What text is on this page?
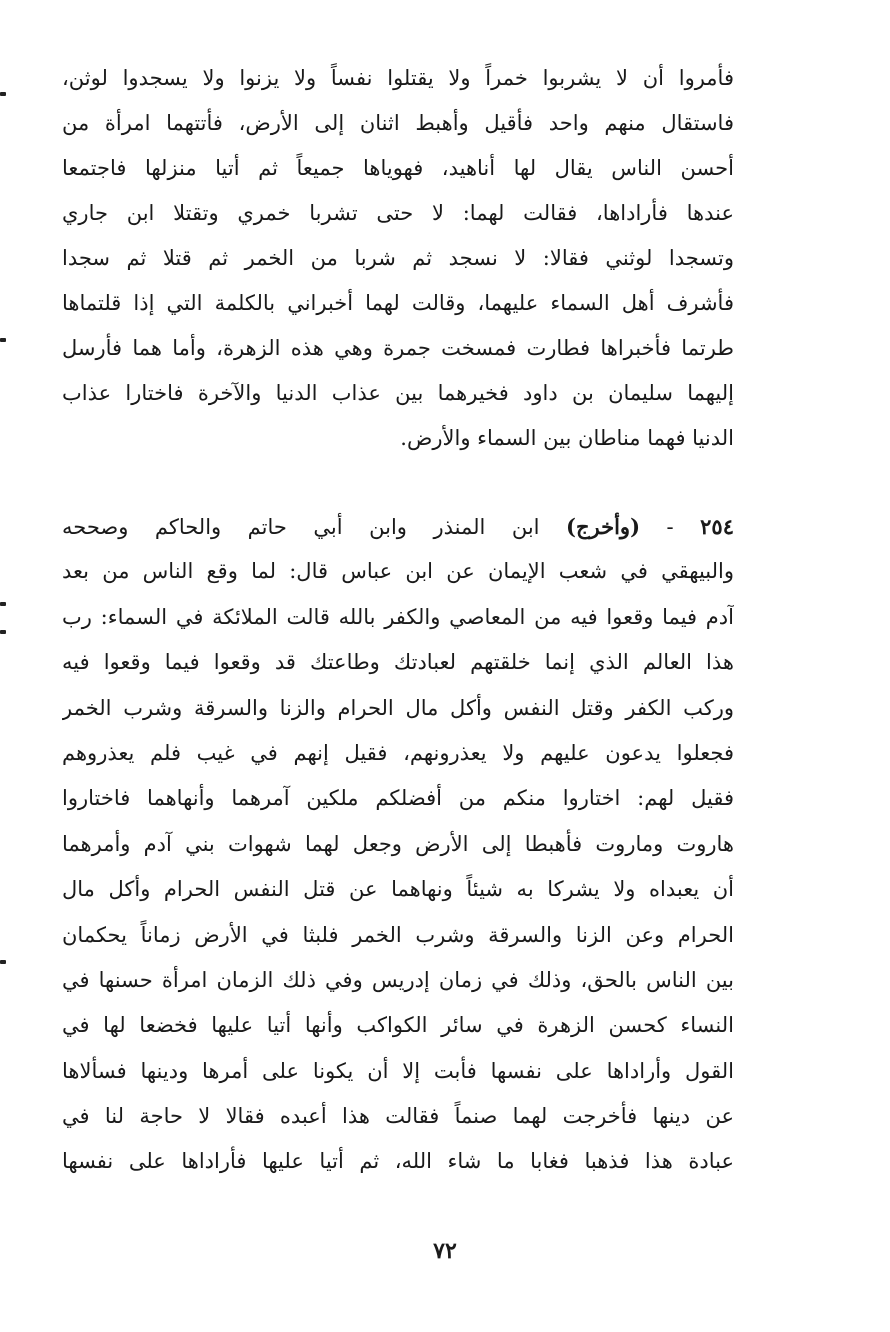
فأمروا أن لا يشربوا خمراً ولا يقتلوا نفساً ولا يزنوا ولا يسجدوا لوثن،
فاستقال منهم واحد فأقيل وأهبط اثنان إلى الأرض، فأتتهما امرأة من
أحسن الناس يقال لها أناهيد، فهوياها جميعاً ثم أتيا منزلها فاجتمعا
عندها فأراداها، فقالت لهما: لا حتى تشربا خمري وتقتلا ابن جاري
وتسجدا لوثني فقالا: لا نسجد ثم شربا من الخمر ثم قتلا ثم سجدا
فأشرف أهل السماء عليهما، وقالت لهما أخبراني بالكلمة التي إذا قلتماها
طرتما فأخبراها فطارت فمسخت جمرة وهي هذه الزهرة، وأما هما فأرسل
إليهما سليمان بن داود فخيرهما بين عذاب الدنيا والآخرة فاختارا عذاب
الدنيا فهما مناطان بين السماء والأرض.
٢٥٤ - (وأخرج) ابن المنذر وابن أبي حاتم والحاكم وصححه
والبيهقي في شعب الإيمان عن ابن عباس قال: لما وقع الناس من بعد
آدم فيما وقعوا فيه من المعاصي والكفر بالله قالت الملائكة في السماء: رب
هذا العالم الذي إنما خلقتهم لعبادتك وطاعتك قد وقعوا فيما وقعوا فيه
وركب الكفر وقتل النفس وأكل مال الحرام والزنا والسرقة وشرب الخمر
فجعلوا يدعون عليهم ولا يعذرونهم، فقيل إنهم في غيب فلم يعذروهم
فقيل لهم: اختاروا منكم من أفضلكم ملكين آمرهما وأنهاهما فاختاروا
هاروت وماروت فأهبطا إلى الأرض وجعل لهما شهوات بني آدم وأمرهما
أن يعبداه ولا يشركا به شيئاً ونهاهما عن قتل النفس الحرام وأكل مال
الحرام وعن الزنا والسرقة وشرب الخمر فلبثا في الأرض زماناً يحكمان
بين الناس بالحق، وذلك في زمان إدريس وفي ذلك الزمان امرأة حسنها في
النساء كحسن الزهرة في سائر الكواكب وأنها أتيا عليها فخضعا لها في
القول وأراداها على نفسها فأبت إلا أن يكونا على أمرها ودينها فسألاها
عن دينها فأخرجت لهما صنماً فقالت هذا أعبده فقالا لا حاجة لنا في
عبادة هذا فذهبا فغابا ما شاء الله، ثم أتيا عليها فأراداها على نفسها
٧٢
